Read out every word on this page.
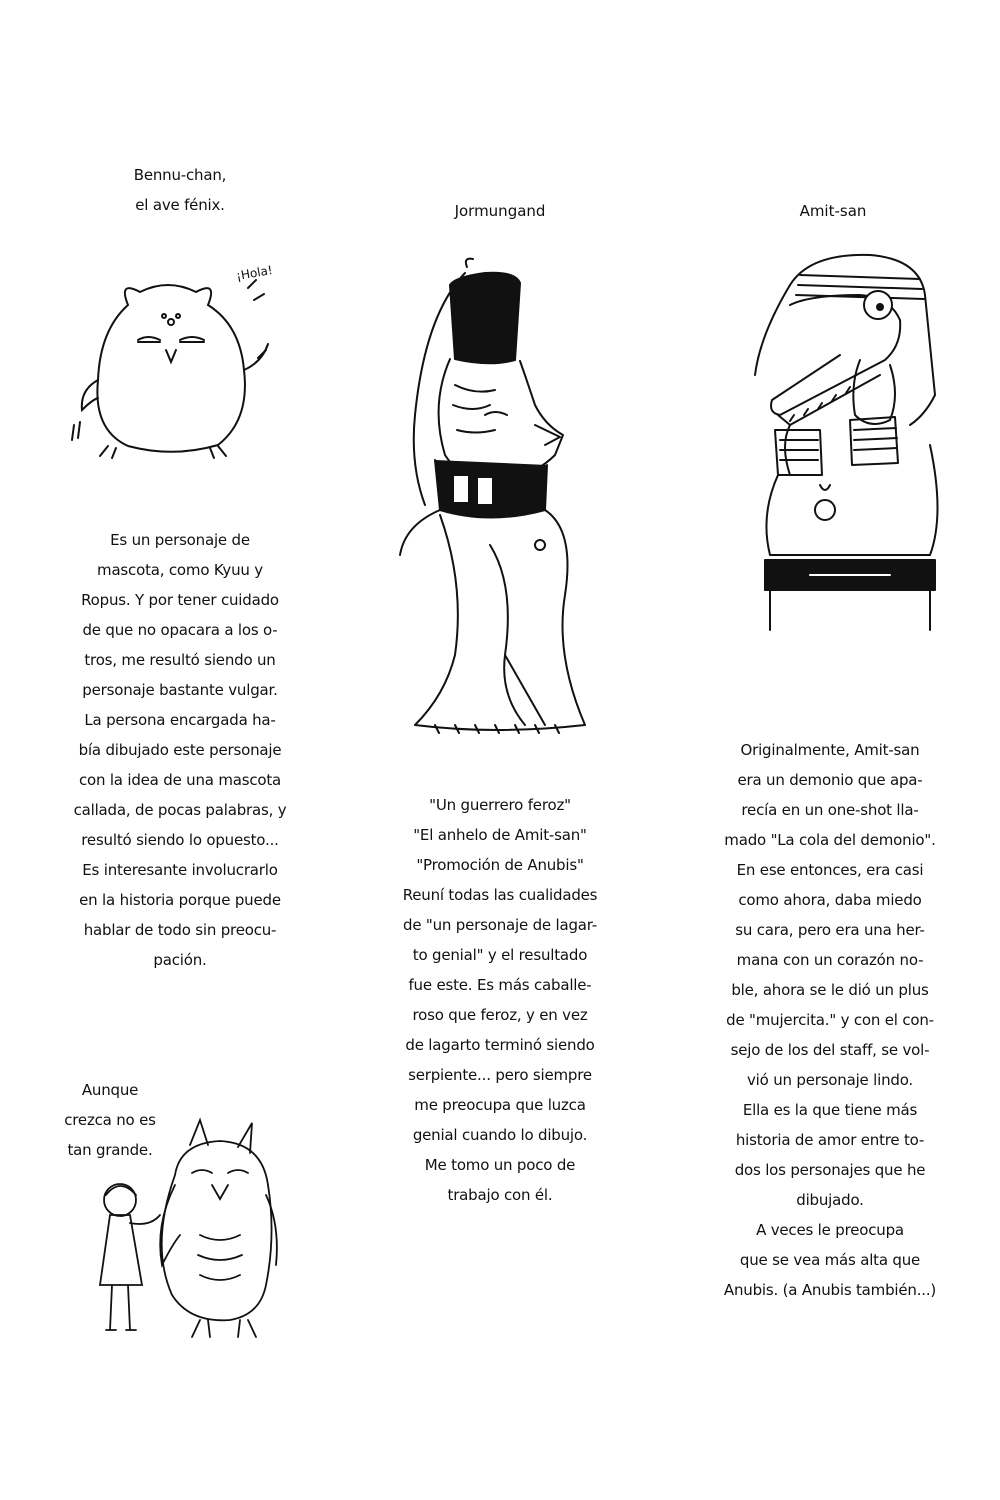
Bennu-chan,
el ave fénix.
¡Hola!
Es un personaje de
mascota, como Kyuu y
Ropus. Y por tener cuidado
de que no opacara a los o-
tros, me resultó siendo un
personaje bastante vulgar.
La persona encargada ha-
bía dibujado este personaje
con la idea de una mascota
callada, de pocas palabras, y
resultó siendo lo opuesto...
Es interesante involucrarlo
en la historia porque puede
hablar de todo sin preocu-
pación.
Aunque
crezca no es
tan grande.
Jormungand
"Un guerrero feroz"
"El anhelo de Amit-san"
"Promoción de Anubis"
Reuní todas las cualidades
de "un personaje de lagar-
to genial" y el resultado
fue este. Es más caballe-
roso que feroz, y en vez
de lagarto terminó siendo
serpiente... pero siempre
me preocupa que luzca
genial cuando lo dibujo.
Me tomo un poco de
trabajo con él.
Amit-san
Originalmente, Amit-san
era un demonio que apa-
recía en un one-shot lla-
mado "La cola del demonio".
En ese entonces, era casi
como ahora, daba miedo
su cara, pero era una her-
mana con un corazón no-
ble, ahora se le dió un plus
de "mujercita." y con el con-
sejo de los del staff, se vol-
vió un personaje lindo.
Ella es la que tiene más
historia de amor entre to-
dos los personajes que he
dibujado.
A veces le preocupa
que se vea más alta que
Anubis. (a Anubis también...)
